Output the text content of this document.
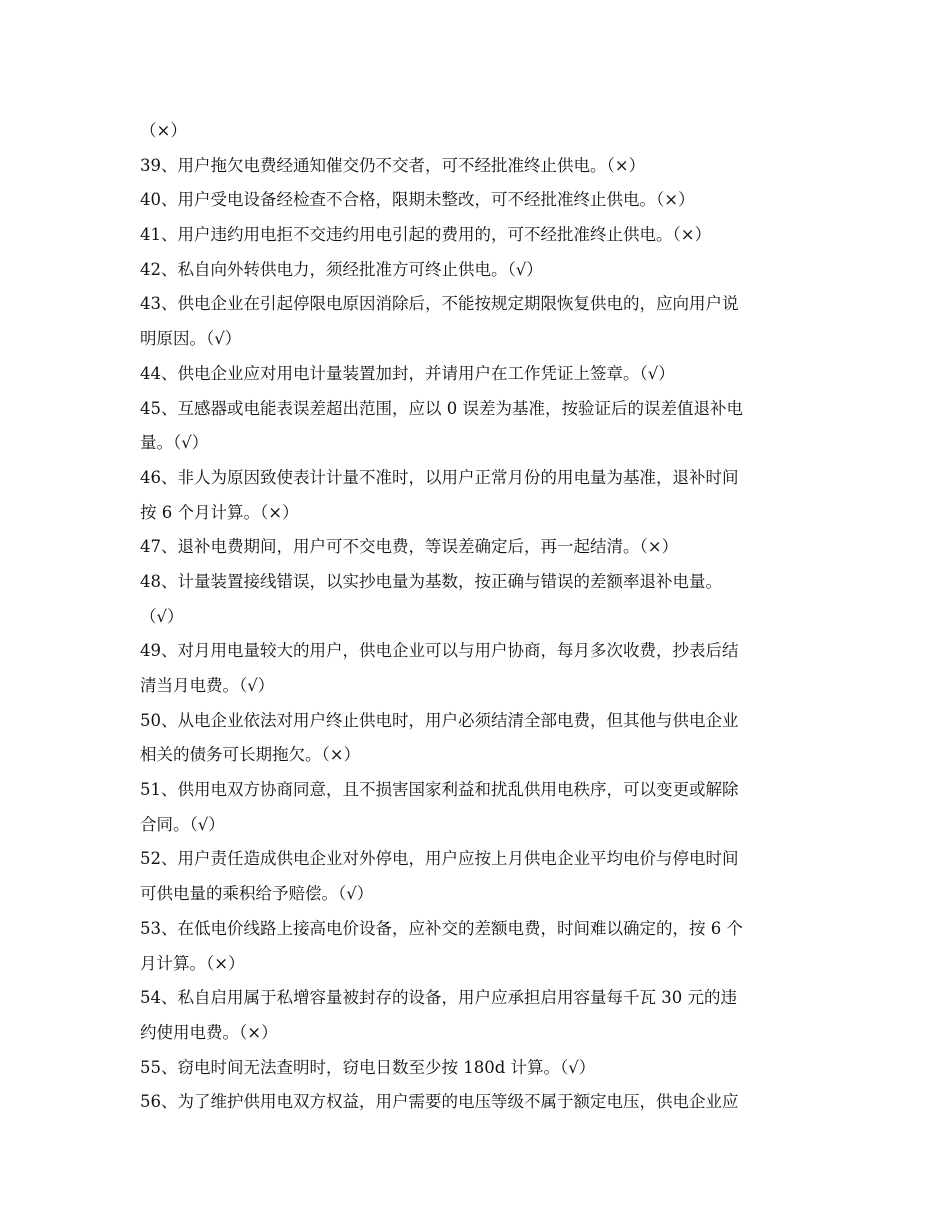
（×）
39、用户拖欠电费经通知催交仍不交者，可不经批准终止供电。（×）
40、用户受电设备经检查不合格，限期未整改，可不经批准终止供电。（×）
41、用户违约用电拒不交违约用电引起的费用的，可不经批准终止供电。（×）
42、私自向外转供电力，须经批准方可终止供电。（√）
43、供电企业在引起停限电原因消除后，不能按规定期限恢复供电的，应向用户说
明原因。（√）
44、供电企业应对用电计量装置加封，并请用户在工作凭证上签章。（√）
45、互感器或电能表误差超出范围，应以 0 误差为基准，按验证后的误差值退补电
量。（√）
46、非人为原因致使表计计量不准时，以用户正常月份的用电量为基准，退补时间
按 6 个月计算。（×）
47、退补电费期间，用户可不交电费，等误差确定后，再一起结清。（×）
48、计量装置接线错误，以实抄电量为基数，按正确与错误的差额率退补电量。
（√）
49、对月用电量较大的用户，供电企业可以与用户协商，每月多次收费，抄表后结
清当月电费。（√）
50、从电企业依法对用户终止供电时，用户必须结清全部电费，但其他与供电企业
相关的债务可长期拖欠。（×）
51、供用电双方协商同意，且不损害国家利益和扰乱供用电秩序，可以变更或解除
合同。（√）
52、用户责任造成供电企业对外停电，用户应按上月供电企业平均电价与停电时间
可供电量的乘积给予赔偿。（√）
53、在低电价线路上接高电价设备，应补交的差额电费，时间难以确定的，按 6 个
月计算。（×）
54、私自启用属于私增容量被封存的设备，用户应承担启用容量每千瓦 30 元的违
约使用电费。（×）
55、窃电时间无法查明时，窃电日数至少按 180d 计算。（√）
56、为了维护供用电双方权益，用户需要的电压等级不属于额定电压，供电企业应
